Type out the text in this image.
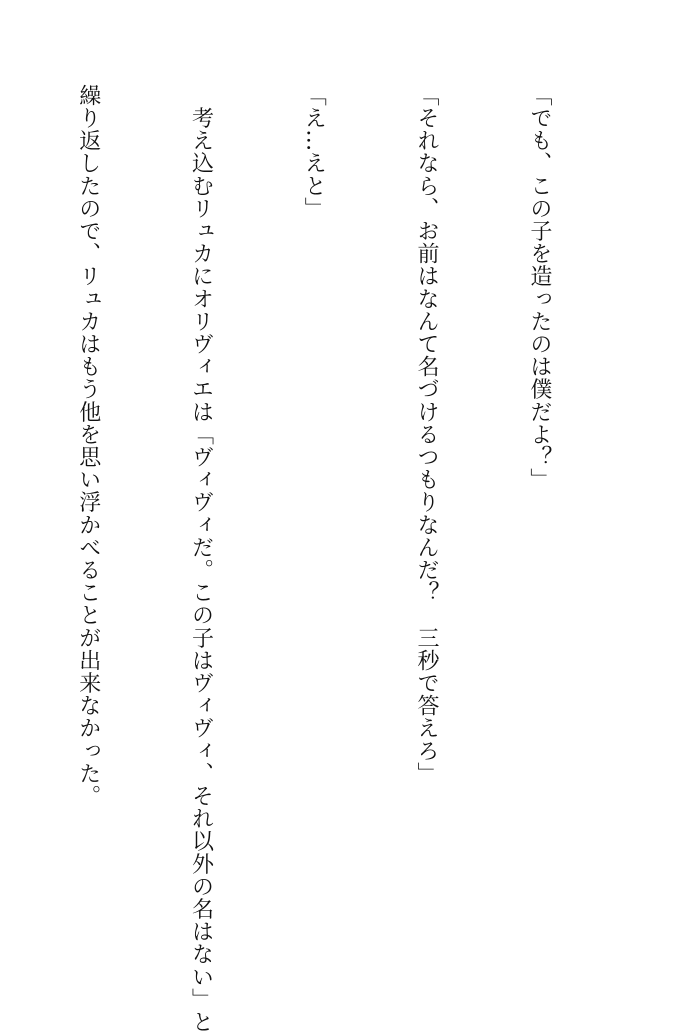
「でも、この子を造ったのは僕だよ？」

「それなら、お前はなんて名づけるつもりなんだ？　三秒で答えろ」

「え…えと」

　考え込むリュカにオリヴィエは「ヴィヴィだ。この子はヴィヴィ、それ以外の名はない」と

繰り返したので、リュカはもう他を思い浮かべることが出来なかった。
